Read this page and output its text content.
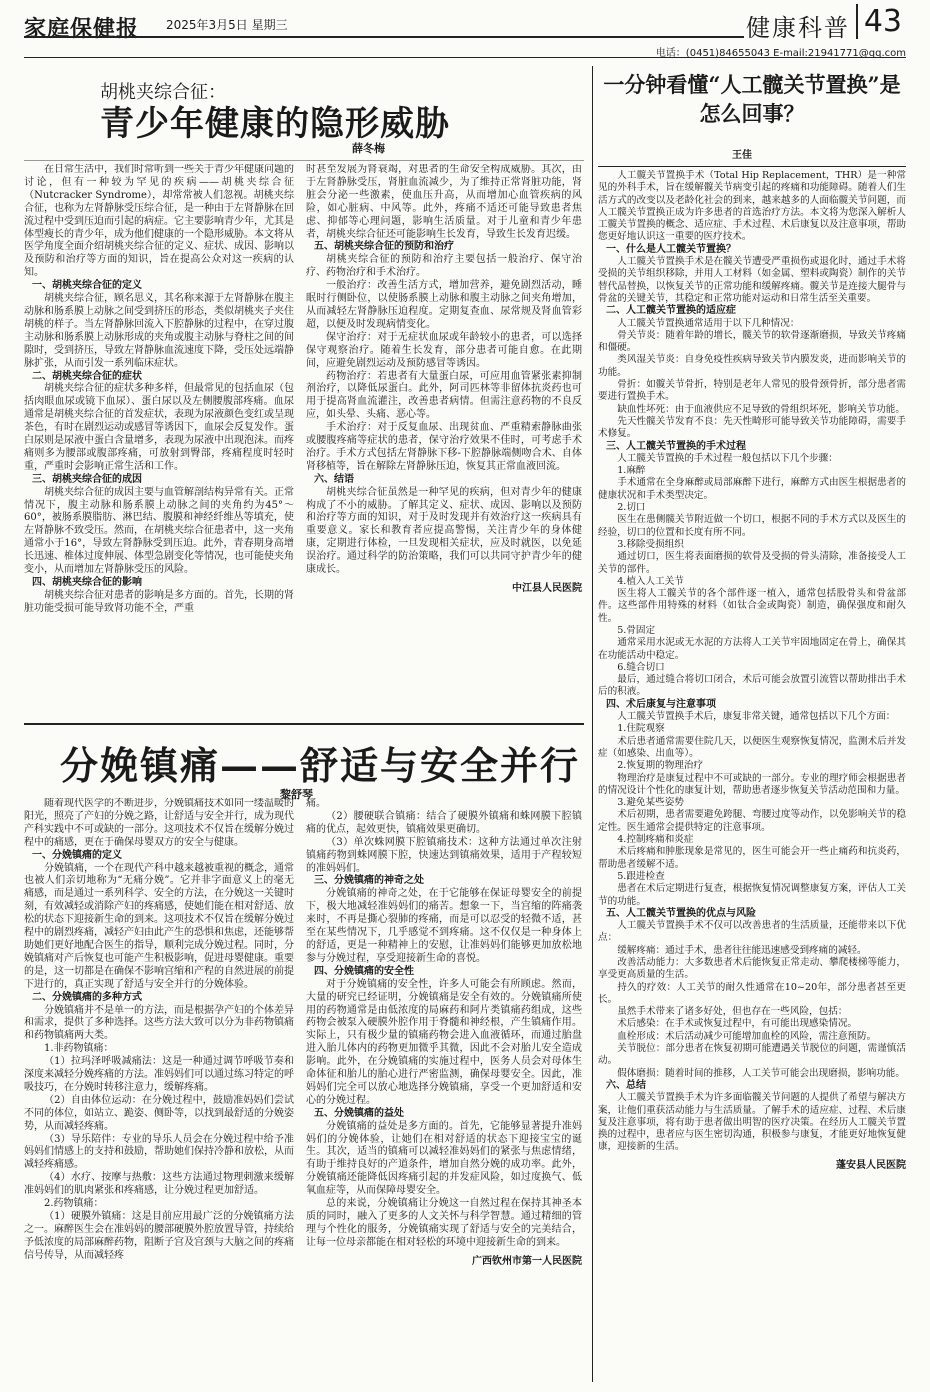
家庭保健报 2025年3月5日 星期三	健康科普 43
电话：(0451)84655043 E-mail:21941771@qq.com
胡桃夹综合征：
青少年健康的隐形威胁
薛冬梅

在日常生活中，我们时常听到一些关于青少年健康问题的讨论，但有一种较为罕见的疾病——胡桃夹综合征（Nutcracker Syndrome），却常常被人们忽视。胡桃夹综合征，也称为左肾静脉受压综合征，是一种由于左肾静脉在回流过程中受到压迫而引起的病症。它主要影响青少年，尤其是体型瘦长的青少年，成为他们健康的一个隐形威胁。本文将从医学角度全面介绍胡桃夹综合征的定义、症状、成因、影响以及预防和治疗等方面的知识，旨在提高公众对这一疾病的认知。

一、胡桃夹综合征的定义

胡桃夹综合征，顾名思义，其名称来源于左肾静脉在腹主动脉和肠系膜上动脉之间受到挤压的形态，类似胡桃夹子夹住胡桃的样子。当左肾静脉回流入下腔静脉的过程中，在穿过腹主动脉和肠系膜上动脉形成的夹角或腹主动脉与脊柱之间的间隙时，受到挤压，导致左肾静脉血流速度下降，受压处远端静脉扩张，从而引发一系列临床症状。

二、胡桃夹综合征的症状

胡桃夹综合征的症状多种多样，但最常见的包括血尿（包括肉眼血尿或镜下血尿）、蛋白尿以及左侧腰腹部疼痛。血尿通常是胡桃夹综合征的首发症状，表现为尿液颜色变红或呈现茶色，有时在剧烈运动或感冒等诱因下，血尿会反复发作。蛋白尿则是尿液中蛋白含量增多，表现为尿液中出现泡沫。而疼痛则多为腰部或腹部疼痛，可放射到臀部，疼痛程度时轻时重，严重时会影响正常生活和工作。

三、胡桃夹综合征的成因

胡桃夹综合征的成因主要与血管解剖结构异常有关。正常情况下，腹主动脉和肠系膜上动脉之间的夹角约为45°～60°，被肠系膜脂肪、淋巴结、腹膜和神经纤维丛等填充，使左肾静脉不致受压。然而，在胡桃夹综合征患者中，这一夹角通常小于16°，导致左肾静脉受到压迫。此外，青春期身高增长迅速、椎体过度伸展、体型急剧变化等情况，也可能使夹角变小，从而增加左肾静脉受压的风险。

四、胡桃夹综合征的影响

胡桃夹综合征对患者的影响是多方面的。首先，长期的肾脏功能受损可能导致肾功能不全，严重

时甚至发展为肾衰竭，对患者的生命安全构成威胁。其次，由于左肾静脉受压，肾脏血流减少，为了维持正常肾脏功能，肾脏会分泌一些激素，使血压升高，从而增加心血管疾病的风险，如心脏病、中风等。此外，疼痛不适还可能导致患者焦虑、抑郁等心理问题，影响生活质量。对于儿童和青少年患者，胡桃夹综合征还可能影响生长发育，导致生长发育迟缓。

五、胡桃夹综合征的预防和治疗

胡桃夹综合征的预防和治疗主要包括一般治疗、保守治疗、药物治疗和手术治疗。

一般治疗：改善生活方式，增加营养，避免剧烈活动，睡眠时行侧卧位，以使肠系膜上动脉和腹主动脉之间夹角增加，从而减轻左肾静脉压迫程度。定期复查血、尿常规及肾血管彩超，以便及时发现病情变化。

保守治疗：对于无症状血尿或年龄较小的患者，可以选择保守观察治疗。随着生长发育，部分患者可能自愈。在此期间，应避免剧烈运动及预防感冒等诱因。

药物治疗：若患者有大量蛋白尿，可应用血管紧张素抑制剂治疗，以降低尿蛋白。此外，阿司匹林等非留体抗炎药也可用于提高肾血流灌注，改善患者病情。但需注意药物的不良反应，如头晕、头痛、恶心等。

手术治疗：对于反复血尿、出现贫血、严重精索静脉曲张或腰腹疼痛等症状的患者，保守治疗效果不佳时，可考虑手术治疗。手术方式包括左肾静脉下移-下腔静脉端侧吻合术、自体肾移植等，旨在解除左肾静脉压迫，恢复其正常血液回流。

六、结语

胡桃夹综合征虽然是一种罕见的疾病，但对青少年的健康构成了不小的威胁。了解其定义、症状、成因、影响以及预防和治疗等方面的知识，对于及时发现并有效治疗这一疾病具有重要意义。家长和教育者应提高警惕，关注青少年的身体健康，定期进行体检，一旦发现相关症状，应及时就医，以免延误治疗。通过科学的防治策略，我们可以共同守护青少年的健康成长。

中江县人民医院
分娩镇痛——舒适与安全并行
黎舒琴

随着现代医学的不断进步，分娩镇痛技术如同一缕温暖的阳光，照亮了产妇的分娩之路，让舒适与安全并行，成为现代产科实践中不可或缺的一部分。这项技术不仅旨在缓解分娩过程中的痛感，更在于确保母婴双方的安全与健康。

一、分娩镇痛的定义

分娩镇痛，一个在现代产科中越来越被重视的概念，通常也被人们亲切地称为“无痛分娩”。它并非字面意义上的毫无痛感，而是通过一系列科学、安全的方法，在分娩这一关键时刻，有效减轻或消除产妇的疼痛感，使她们能在相对舒适、放松的状态下迎接新生命的到来。这项技术不仅旨在缓解分娩过程中的剧烈疼痛，减轻产妇由此产生的恐惧和焦虑，还能够帮助她们更好地配合医生的指导，顺利完成分娩过程。同时，分娩镇痛对产后恢复也可能产生积极影响，促进母婴健康。重要的是，这一切都是在确保不影响宫缩和产程的自然进展的前提下进行的，真正实现了舒适与安全并行的分娩体验。

二、分娩镇痛的多种方式

分娩镇痛并不是单一的方法，而是根据孕产妇的个体差异和需求，提供了多种选择。这些方法大致可以分为非药物镇痛和药物镇痛两大类。

1.非药物镇痛：

（1）拉玛泽呼吸减痛法：这是一种通过调节呼吸节奏和深度来减轻分娩疼痛的方法。准妈妈们可以通过练习特定的呼吸技巧，在分娩时转移注意力，缓解疼痛。

（2）自由体位运动：在分娩过程中，鼓励准妈妈们尝试不同的体位，如站立、跪姿、侧卧等，以找到最舒适的分娩姿势，从而减轻疼痛。

（3）导乐陪伴：专业的导乐人员会在分娩过程中给予准妈妈们情感上的支持和鼓励，帮助她们保持冷静和放松，从而减轻疼痛感。

（4）水疗、按摩与热敷：这些方法通过物理刺激来缓解准妈妈们的肌肉紧张和疼痛感，让分娩过程更加舒适。

2.药物镇痛：

（1）硬膜外镇痛：这是目前应用最广泛的分娩镇痛方法之一。麻醉医生会在准妈妈的腰部硬膜外腔放置导管，持续给予低浓度的局部麻醉药物，阻断子宫及宫颈与大脑之间的疼痛信号传导，从而减轻疼

痛。

（2）腰硬联合镇痛：结合了硬膜外镇痛和蛛网膜下腔镇痛的优点，起效更快，镇痛效果更确切。

（3）单次蛛网膜下腔镇痛技术：这种方法通过单次注射镇痛药物到蛛网膜下腔，快速达到镇痛效果，适用于产程较短的准妈妈们。

三、分娩镇痛的神奇之处

分娩镇痛的神奇之处，在于它能够在保证母婴安全的前提下，极大地减轻准妈妈们的痛苦。想象一下，当宫缩的阵痛袭来时，不再是撕心裂肺的疼痛，而是可以忍受的轻微不适，甚至在某些情况下，几乎感觉不到疼痛。这不仅仅是一种身体上的舒适，更是一种精神上的安慰，让准妈妈们能够更加放松地参与分娩过程，享受迎接新生命的喜悦。

四、分娩镇痛的安全性

对于分娩镇痛的安全性，许多人可能会有所顾虑。然而，大量的研究已经证明，分娩镇痛是安全有效的。分娩镇痛所使用的药物通常是由低浓度的局麻药和阿片类镇痛药组成，这些药物会被泵入硬膜外腔作用于脊髓和神经根，产生镇痛作用。实际上，只有极少量的镇痛药物会进入血液循环，而通过胎盘进入胎儿体内的药物更加微乎其微，因此不会对胎儿安全造成影响。此外，在分娩镇痛的实施过程中，医务人员会对母体生命体征和胎儿的胎心进行严密监测，确保母婴安全。因此，准妈妈们完全可以放心地选择分娩镇痛，享受一个更加舒适和安心的分娩过程。

五、分娩镇痛的益处

分娩镇痛的益处是多方面的。首先，它能够显著提升准妈妈们的分娩体验，让她们在相对舒适的状态下迎接宝宝的诞生。其次，适当的镇痛可以减轻准妈妈们的紧张与焦虑情绪，有助于维持良好的产道条件，增加自然分娩的成功率。此外，分娩镇痛还能降低因疼痛引起的并发症风险，如过度换气、低氧血症等，从而保障母婴安全。

总的来说，分娩镇痛让分娩这一自然过程在保持其神圣本质的同时，融入了更多的人文关怀与科学智慧。通过精细的管理与个性化的服务，分娩镇痛实现了舒适与安全的完美结合，让每一位母亲都能在相对轻松的环境中迎接新生命的到来。

广西钦州市第一人民医院
一分钟看懂“人工髋关节置换”是怎么回事？
王佳

人工髋关节置换手术（Total Hip Replacement，THR）是一种常见的外科手术，旨在缓解髋关节病变引起的疼痛和功能障碍。随着人们生活方式的改变以及老龄化社会的到来，越来越多的人面临髋关节问题，而人工髋关节置换正成为许多患者的首选治疗方法。本文将为您深入解析人工髋关节置换的概念、适应症、手术过程、术后康复以及注意事项，帮助您更好地认识这一重要的医疗技术。

一、什么是人工髋关节置换？

人工髋关节置换手术是在髋关节遭受严重损伤或退化时，通过手术将受损的关节组织移除，并用人工材料（如金属、塑料或陶瓷）制作的关节替代品替换，以恢复关节的正常功能和缓解疼痛。髋关节是连接大腿骨与骨盆的关键关节，其稳定和正常功能对运动和日常生活至关重要。

二、人工髋关节置换的适应症

人工髋关节置换通常适用于以下几种情况：

骨关节炎：随着年龄的增长，髋关节的软骨逐渐磨损，导致关节疼痛和僵硬。

类风湿关节炎：自身免疫性疾病导致关节内膜发炎，进而影响关节的功能。

骨折：如髋关节骨折，特别是老年人常见的股骨颈骨折，部分患者需要进行置换手术。

缺血性坏死：由于血液供应不足导致的骨组织坏死，影响关节功能。

先天性髋关节发育不良：先天性畸形可能导致关节功能障碍，需要手术修复。

三、人工髋关节置换的手术过程

人工髋关节置换的手术过程一般包括以下几个步骤：

1.麻醉

手术通常在全身麻醉或局部麻醉下进行，麻醉方式由医生根据患者的健康状况和手术类型决定。

2.切口

医生在患侧髋关节附近做一个切口，根据不同的手术方式以及医生的经验，切口的位置和长度有所不同。

3.移除受损组织

通过切口，医生将表面磨损的软骨及受损的骨头清除，准备接受人工关节的部件。

4.植入人工关节

医生将人工髋关节的各个部件逐一植入，通常包括股骨头和骨盆部件。这些部件用特殊的材料（如钛合金或陶瓷）制造，确保强度和耐久性。

5.骨固定

通常采用水泥或无水泥的方法将人工关节牢固地固定在骨上，确保其在功能活动中稳定。

6.缝合切口

最后，通过缝合将切口闭合，术后可能会放置引流管以帮助排出手术后的积液。

四、术后康复与注意事项

人工髋关节置换手术后，康复非常关键，通常包括以下几个方面：

1.住院观察

术后患者通常需要住院几天，以便医生观察恢复情况，监测术后并发症（如感染、出血等）。

2.恢复期的物理治疗

物理治疗是康复过程中不可或缺的一部分。专业的理疗师会根据患者的情况设计个性化的康复计划，帮助患者逐步恢复关节活动范围和力量。

3.避免某些姿势

术后初期，患者需要避免跨腿、弯腰过度等动作，以免影响关节的稳定性。医生通常会提供特定的注意事项。

4.控制疼痛和炎症

术后疼痛和肿胀现象是常见的，医生可能会开一些止痛药和抗炎药，帮助患者缓解不适。

5.跟进检查

患者在术后定期进行复查，根据恢复情况调整康复方案，评估人工关节的功能。

五、人工髋关节置换的优点与风险

人工髋关节置换手术不仅可以改善患者的生活质量，还能带来以下优点：

缓解疼痛：通过手术，患者往往能迅速感受到疼痛的减轻。

改善活动能力：大多数患者术后能恢复正常走动、攀爬楼梯等能力，享受更高质量的生活。

持久的疗效：人工关节的耐久性通常在10~20年，部分患者甚至更长。

虽然手术带来了诸多好处，但也存在一些风险，包括：

术后感染：在手术或恢复过程中，有可能出现感染情况。

血栓形成：术后活动减少可能增加血栓的风险，需注意预防。

关节脱位：部分患者在恢复初期可能遭遇关节脱位的问题，需谨慎活动。

假体磨损：随着时间的推移，人工关节可能会出现磨损，影响功能。

六、总结

人工髋关节置换手术为许多面临髋关节问题的人提供了希望与解决方案，让他们重获活动能力与生活质量。了解手术的适应症、过程、术后康复及注意事项，将有助于患者做出明智的医疗决策。在经历人工髋关节置换的过程中，患者应与医生密切沟通，积极参与康复，才能更好地恢复健康，迎接新的生活。

蓬安县人民医院
